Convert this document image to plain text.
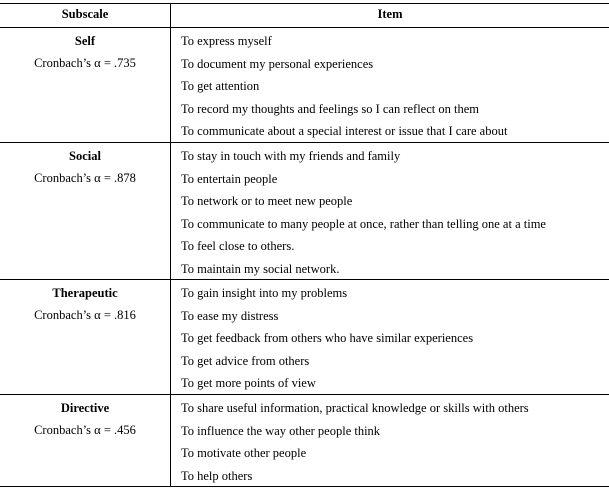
Subscale	Item
Self
Cronbach’s α = .735
To express myself
To document my personal experiences
To get attention
To record my thoughts and feelings so I can reflect on them
To communicate about a special interest or issue that I care about
Social
Cronbach’s α = .878
To stay in touch with my friends and family
To entertain people
To network or to meet new people
To communicate to many people at once, rather than telling one at a time
To feel close to others.
To maintain my social network.
Therapeutic
Cronbach’s α = .816
To gain insight into my problems
To ease my distress
To get feedback from others who have similar experiences
To get advice from others
To get more points of view
Directive
Cronbach’s α = .456
To share useful information, practical knowledge or skills with others
To influence the way other people think
To motivate other people
To help others
